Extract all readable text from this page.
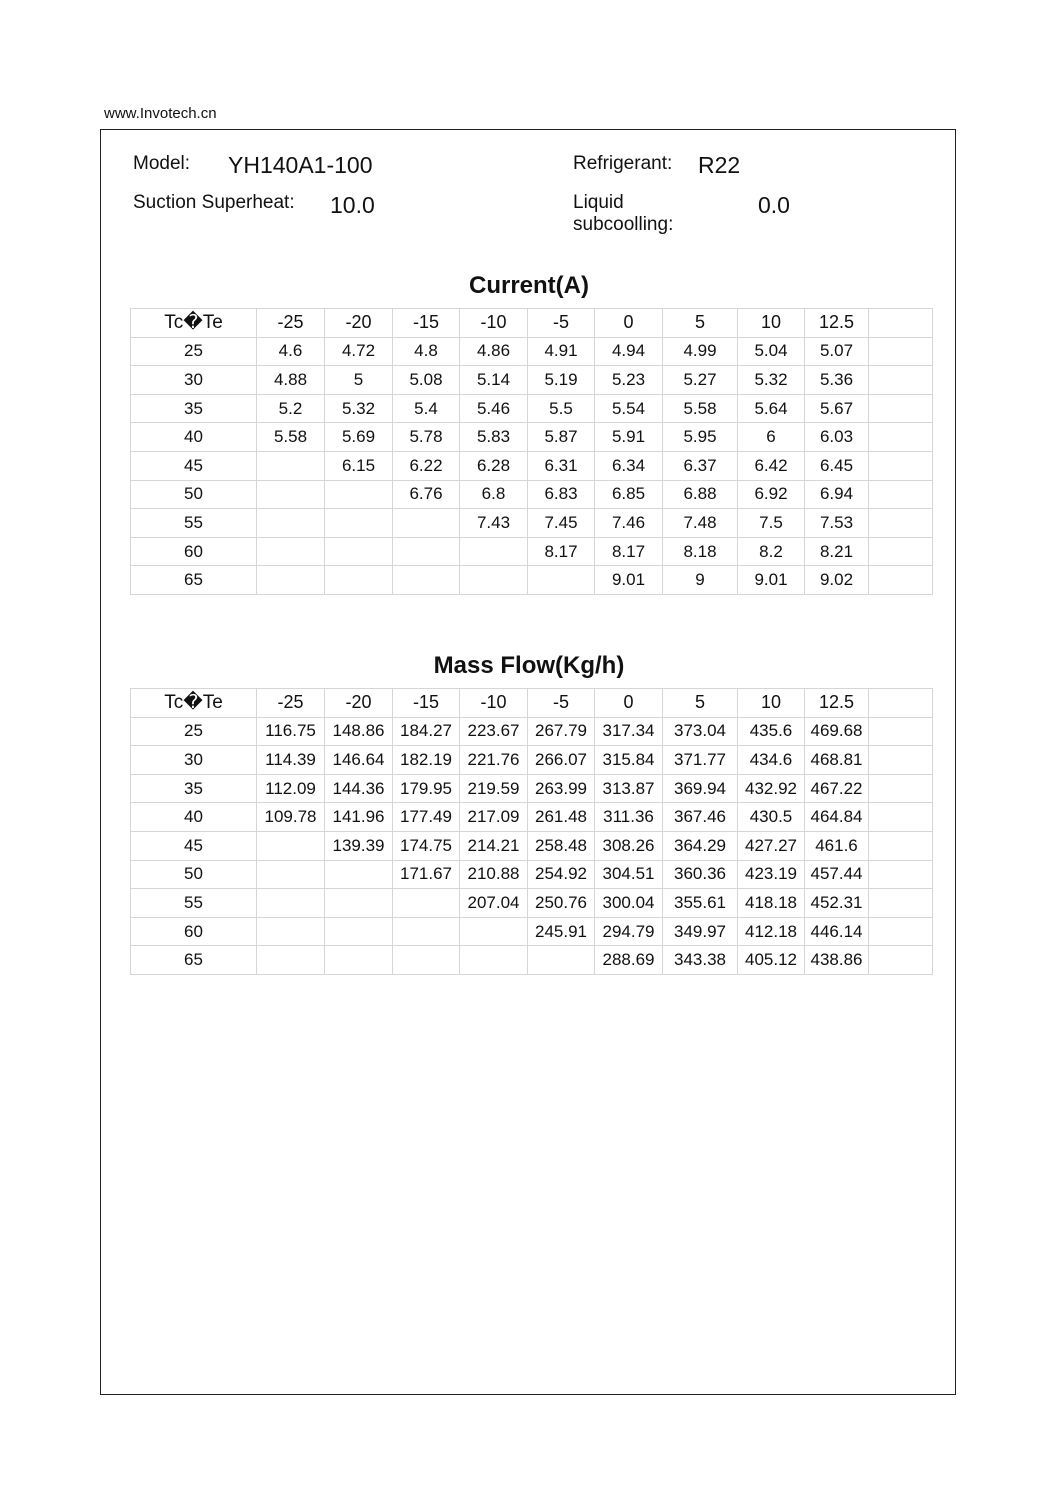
www.Invotech.cn
Model: YH140A1-100	Refrigerant: R22
Suction Superheat: 10.0	Liquid
subcoolling:
0.0
Current(A)
Tc�Te	-25	-20	-15	-10	-5	0	5	10	12.5	
25	4.6	4.72	4.8	4.86	4.91	4.94	4.99	5.04	5.07	
30	4.88	5	5.08	5.14	5.19	5.23	5.27	5.32	5.36	
35	5.2	5.32	5.4	5.46	5.5	5.54	5.58	5.64	5.67	
40	5.58	5.69	5.78	5.83	5.87	5.91	5.95	6	6.03	
45		6.15	6.22	6.28	6.31	6.34	6.37	6.42	6.45	
50			6.76	6.8	6.83	6.85	6.88	6.92	6.94	
55				7.43	7.45	7.46	7.48	7.5	7.53	
60					8.17	8.17	8.18	8.2	8.21	
65						9.01	9	9.01	9.02	
Mass Flow(Kg/h)
Tc�Te	-25	-20	-15	-10	-5	0	5	10	12.5	
25	116.75	148.86	184.27	223.67	267.79	317.34	373.04	435.6	469.68	
30	114.39	146.64	182.19	221.76	266.07	315.84	371.77	434.6	468.81	
35	112.09	144.36	179.95	219.59	263.99	313.87	369.94	432.92	467.22	
40	109.78	141.96	177.49	217.09	261.48	311.36	367.46	430.5	464.84	
45		139.39	174.75	214.21	258.48	308.26	364.29	427.27	461.6	
50			171.67	210.88	254.92	304.51	360.36	423.19	457.44	
55				207.04	250.76	300.04	355.61	418.18	452.31	
60					245.91	294.79	349.97	412.18	446.14	
65						288.69	343.38	405.12	438.86	
